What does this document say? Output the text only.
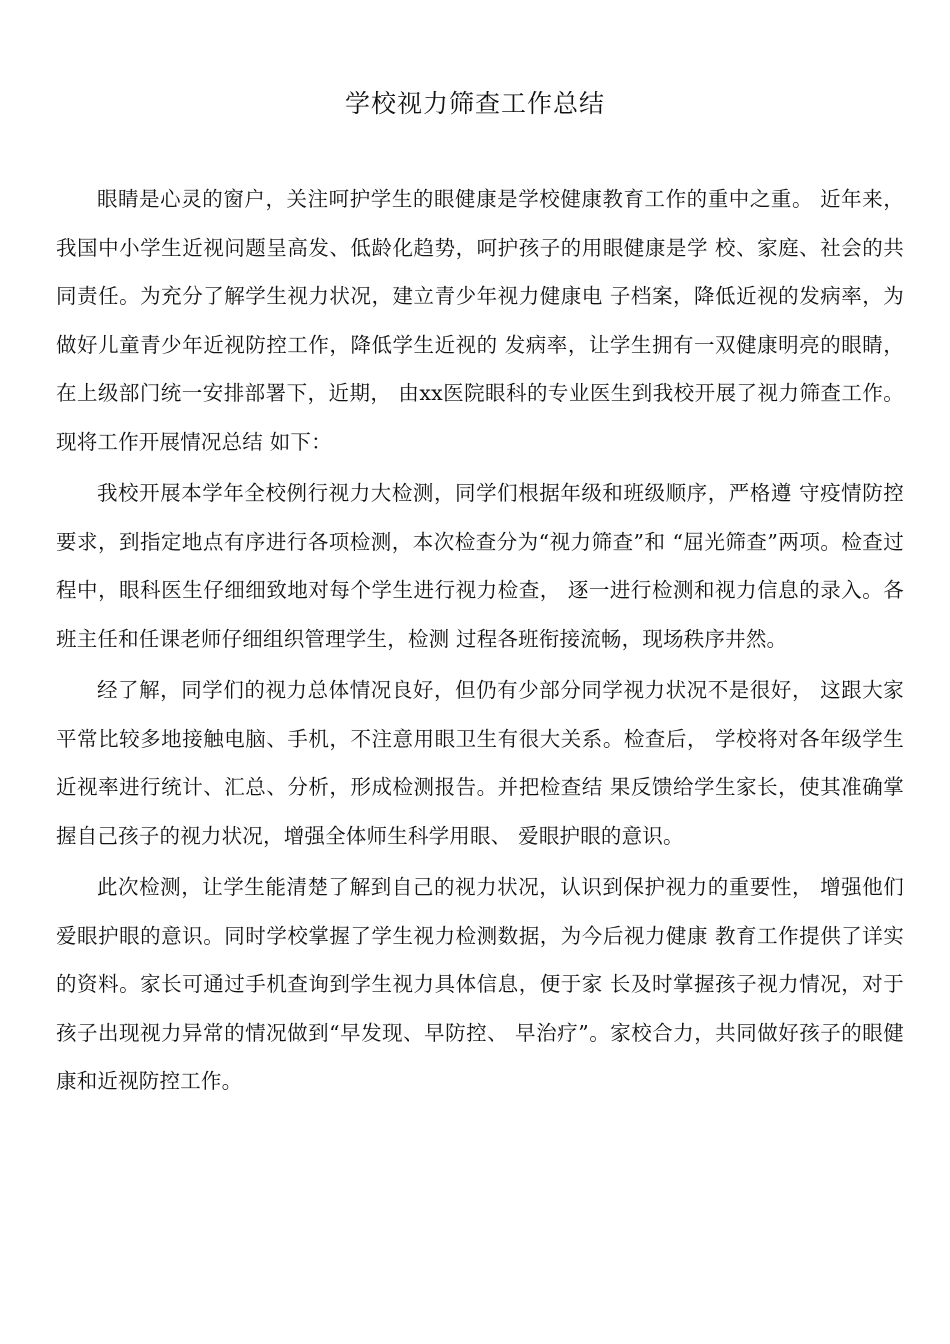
学校视力筛查工作总结

眼睛是心灵的窗户，关注呵护学生的眼健康是学校健康教育工作的重中之重。 近年来，我国中小学生近视问题呈高发、低龄化趋势，呵护孩子的用眼健康是学 校、家庭、社会的共同责任。为充分了解学生视力状况，建立青少年视力健康电 子档案，降低近视的发病率，为做好儿童青少年近视防控工作，降低学生近视的 发病率，让学生拥有一双健康明亮的眼睛，在上级部门统一安排部署下，近期， 由xx医院眼科的专业医生到我校开展了视力筛查工作。现将工作开展情况总结 如下：

我校开展本学年全校例行视力大检测，同学们根据年级和班级顺序，严格遵 守疫情防控要求，到指定地点有序进行各项检测，本次检查分为“视力筛查”和 “屈光筛查”两项。检查过程中，眼科医生仔细细致地对每个学生进行视力检查， 逐一进行检测和视力信息的录入。各班主任和任课老师仔细组织管理学生，检测 过程各班衔接流畅，现场秩序井然。

经了解，同学们的视力总体情况良好，但仍有少部分同学视力状况不是很好， 这跟大家平常比较多地接触电脑、手机，不注意用眼卫生有很大关系。检查后， 学校将对各年级学生近视率进行统计、汇总、分析，形成检测报告。并把检查结 果反馈给学生家长，使其准确掌握自己孩子的视力状况，增强全体师生科学用眼、 爱眼护眼的意识。

此次检测，让学生能清楚了解到自己的视力状况，认识到保护视力的重要性， 增强他们爱眼护眼的意识。同时学校掌握了学生视力检测数据，为今后视力健康 教育工作提供了详实的资料。家长可通过手机查询到学生视力具体信息，便于家 长及时掌握孩子视力情况，对于孩子出现视力异常的情况做到“早发现、早防控、 早治疗”。家校合力，共同做好孩子的眼健康和近视防控工作。
